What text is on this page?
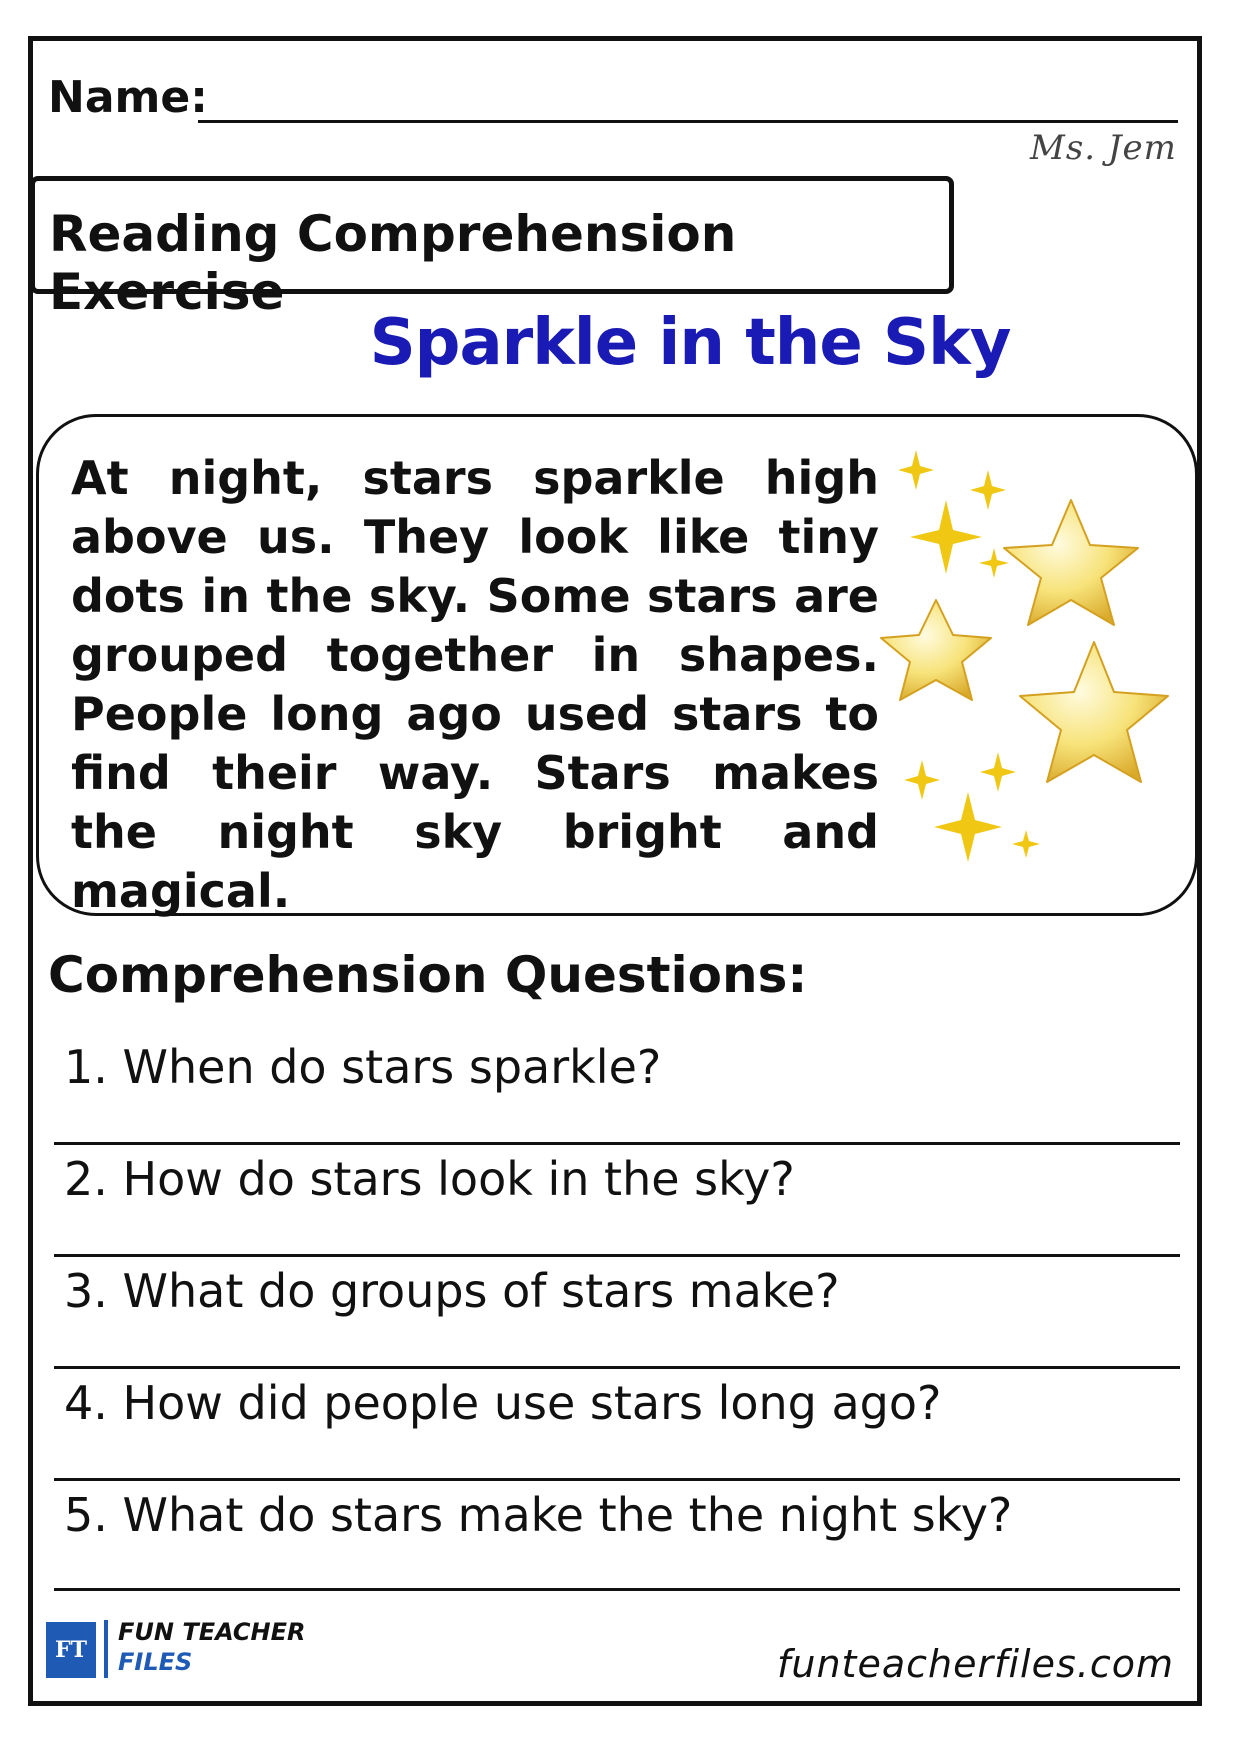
Name:
Ms. Jem
Reading Comprehension Exercise
Sparkle in the Sky
At night, stars sparkle high above us. They look like tiny dots in the sky. Some stars are grouped together in shapes. People long ago used stars to find their way. Stars makes the night sky bright and magical.
Comprehension Questions:
1. When do stars sparkle?
2. How do stars look in the sky?
3. What do groups of stars make?
4. How did people use stars long ago?
5. What do stars make the the night sky?
FT
FUN TEACHER
FILES	funteacherfiles.com
